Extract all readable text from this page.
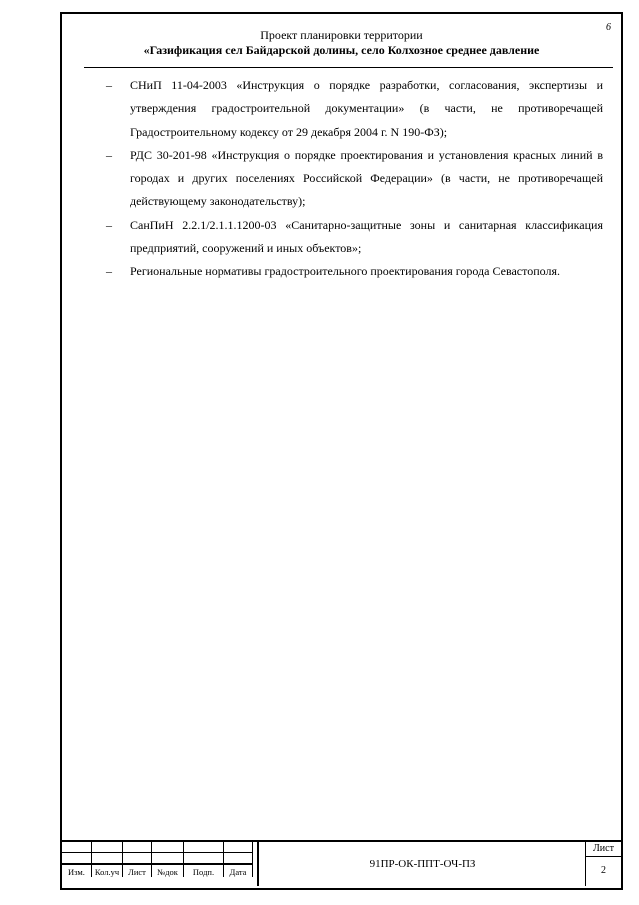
6
Проект планировки территории
«Газификация сел Байдарской долины, село Колхозное среднее давление
– СНиП 11-04-2003 «Инструкция о порядке разработки, согласования, экспертизы и утверждения градостроительной документации» (в части, не противоречащей Градостроительному кодексу от 29 декабря 2004 г. N 190-ФЗ);
– РДС 30-201-98 «Инструкция о порядке проектирования и установления красных линий в городах и других поселениях Российской Федерации» (в части, не противоречащей действующему законодательству);
– СанПиН 2.2.1/2.1.1.1200-03 «Санитарно-защитные зоны и санитарная классификация предприятий, сооружений и иных объектов»;
– Региональные нормативы градостроительного проектирования города Севастополя.

Изм.	Кол.уч	Лист	№док	Подп.	Дата
91ПР-ОК-ППТ-ОЧ-ПЗ
Лист
2
